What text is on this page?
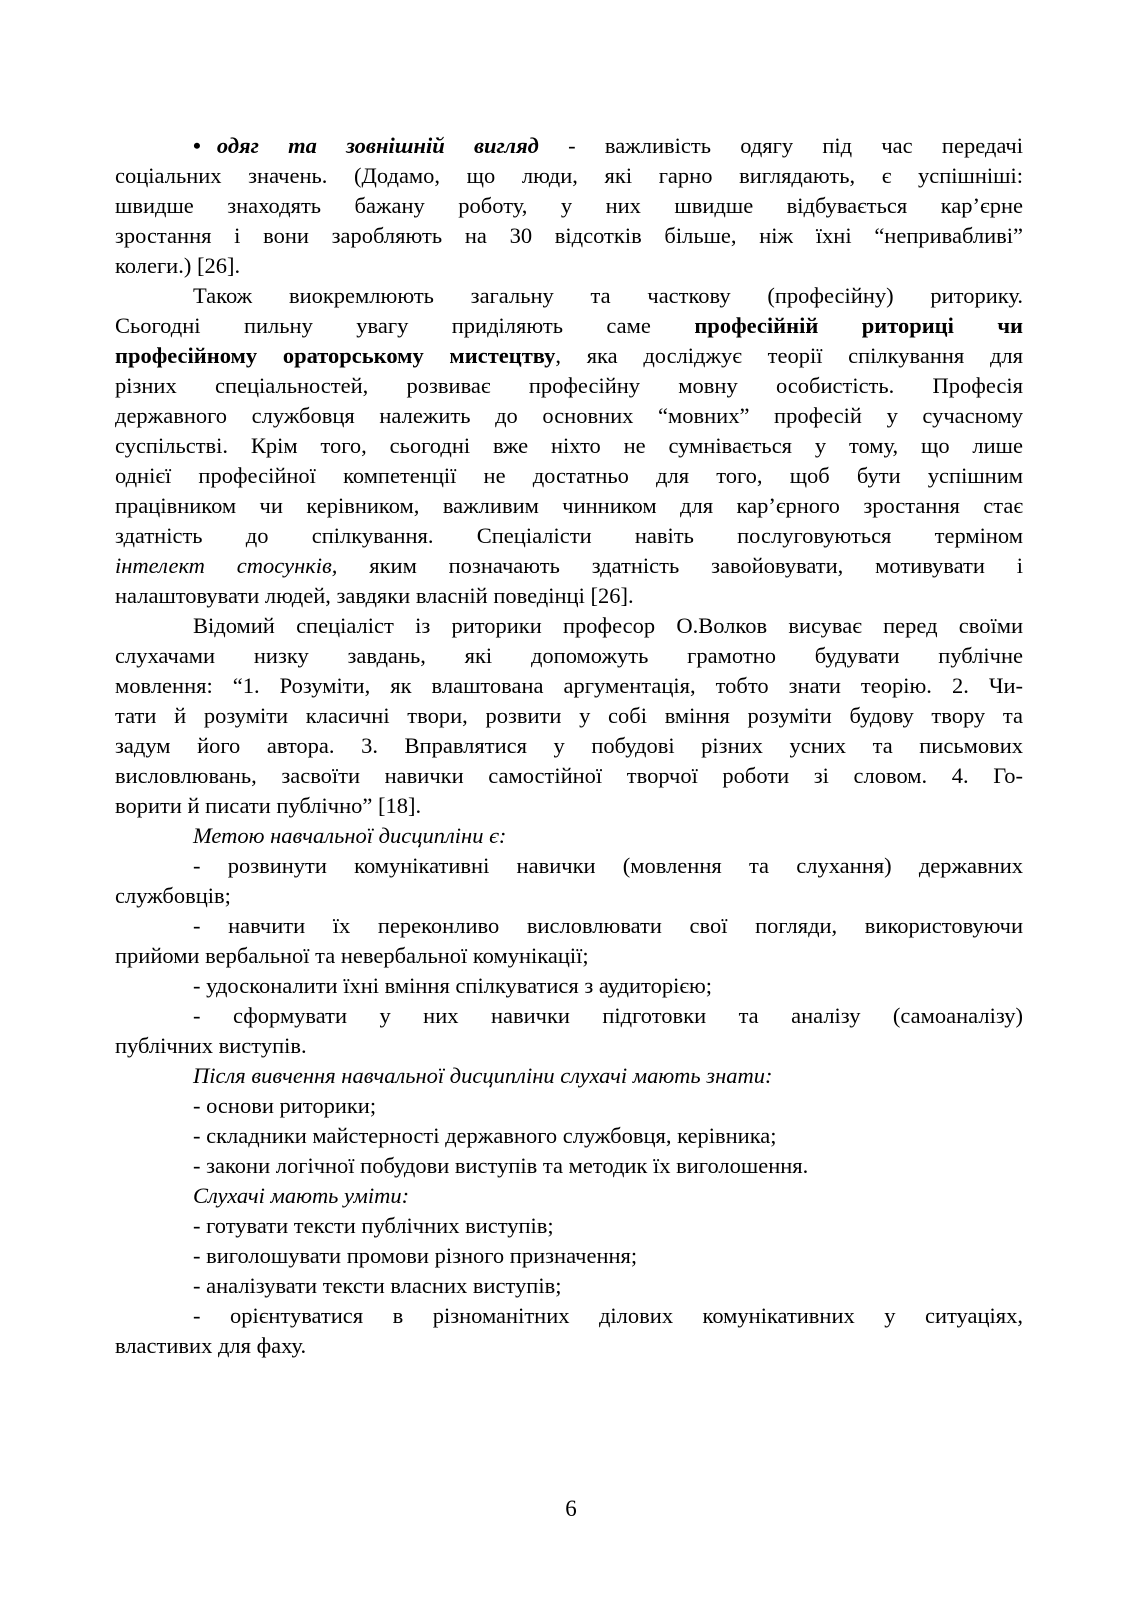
• одяг та зовнішній вигляд - важливість одягу під час передачі
соціальних значень. (Додамо, що люди, які гарно виглядають, є успішніші:
швидше знаходять бажану роботу, у них швидше відбувається кар’єрне
зростання і вони заробляють на 30 відсотків більше, ніж їхні “непривабливі”
колеги.) [26].
Також виокремлюють загальну та часткову (професійну) риторику.
Сьогодні пильну увагу приділяють саме професійній риториці чи
професійному ораторському мистецтву, яка досліджує теорії спілкування для
різних спеціальностей, розвиває професійну мовну особистість. Професія
державного службовця належить до основних “мовних” професій у сучасному
суспільстві. Крім того, сьогодні вже ніхто не сумнівається у тому, що лише
однієї професійної компетенції не достатньо для того, щоб бути успішним
працівником чи керівником, важливим чинником для кар’єрного зростання стає
здатність до спілкування. Спеціалісти навіть послуговуються терміном
інтелект стосунків, яким позначають здатність завойовувати, мотивувати і
налаштовувати людей, завдяки власній поведінці [26].
Відомий спеціаліст із риторики професор О.Волков висуває перед своїми
слухачами низку завдань, які допоможуть грамотно будувати публічне
мовлення: “1. Розуміти, як влаштована аргументація, тобто знати теорію. 2. Чи-
тати й розуміти класичні твори, розвити у собі вміння розуміти будову твору та
задум його автора. 3. Вправлятися у побудові різних усних та письмових
висловлювань, засвоїти навички самостійної творчої роботи зі словом. 4. Го-
ворити й писати публічно” [18].
Метою навчальної дисципліни є:
- розвинути комунікативні навички (мовлення та слухання) державних
службовців;
- навчити їх переконливо висловлювати свої погляди, використовуючи
прийоми вербальної та невербальної комунікації;
- удосконалити їхні вміння спілкуватися з аудиторією;
- сформувати у них навички підготовки та аналізу (самоаналізу)
публічних виступів.
Після вивчення навчальної дисципліни слухачі мають знати:
- основи риторики;
- складники майстерності державного службовця, керівника;
- закони логічної побудови виступів та методик їх виголошення.
Слухачі мають уміти:
- готувати тексти публічних виступів;
- виголошувати промови різного призначення;
- аналізувати тексти власних виступів;
- орієнтуватися в різноманітних ділових комунікативних у ситуаціях,
властивих для фаху.
6
